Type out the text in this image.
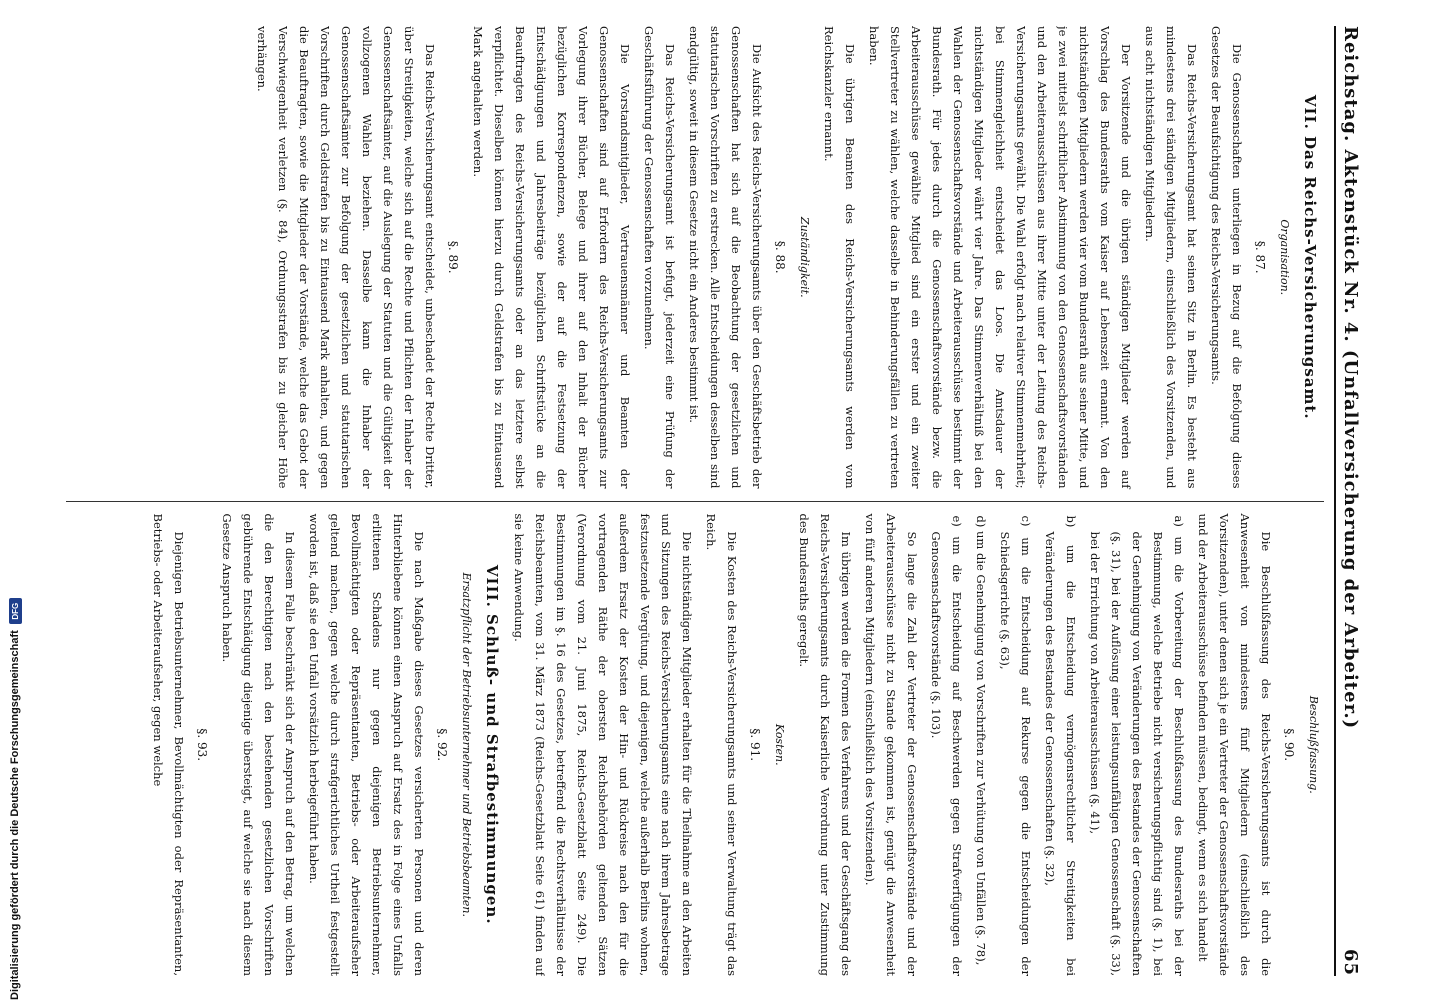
Reichstag. Aktenstück Nr. 4. (Unfallversicherung der Arbeiter.)
65
VII. Das Reichs-Versicherungsamt.
Organisation.
§. 87.

Die Genossenschaften unterliegen in Bezug auf die Befolgung dieses Gesetzes der Beaufsichtigung des Reichs-Versicherungsamts.

Das Reichs-Versicherungsamt hat seinen Sitz in Berlin. Es besteht aus mindestens drei ständigen Mitgliedern, einschließlich des Vorsitzenden, und aus acht nichtständigen Mitgliedern.

Der Vorsitzende und die übrigen ständigen Mitglieder werden auf Vorschlag des Bundesraths vom Kaiser auf Lebenszeit ernannt. Von den nichtständigen Mitgliedern werden vier vom Bundesrath aus seiner Mitte, und je zwei mittelst schriftlicher Abstimmung von den Genossenschaftsvorständen und den Arbeiterausschüssen aus ihrer Mitte unter der Leitung des Reichs-Versicherungsamts gewählt. Die Wahl erfolgt nach relativer Stimmenmehrheit; bei Stimmengleichheit entscheidet das Loos. Die Amtsdauer der nichtständigen Mitglieder währt vier Jahre. Das Stimmenverhältniß bei den Wahlen der Genossenschaftsvorstände und Arbeiterausschüsse bestimmt der Bundesrath. Für jedes durch die Genossenschaftsvorstände bezw. die Arbeiterausschüsse gewählte Mitglied sind ein erster und ein zweiter Stellvertreter zu wählen, welche dasselbe in Behinderungsfällen zu vertreten haben.

Die übrigen Beamten des Reichs-Versicherungsamts werden vom Reichskanzler ernannt.

Zuständigkeit.
§. 88.

Die Aufsicht des Reichs-Versicherungsamts über den Geschäftsbetrieb der Genossenschaften hat sich auf die Beobachtung der gesetzlichen und statutarischen Vorschriften zu erstrecken. Alle Entscheidungen desselben sind endgültig, soweit in diesem Gesetze nicht ein Anderes bestimmt ist.

Das Reichs-Versicherungsamt ist befugt, jederzeit eine Prüfung der Geschäftsführung der Genossenschaften vorzunehmen.

Die Vorstandsmitglieder, Vertrauensmänner und Beamten der Genossenschaften sind auf Erfordern des Reichs-Versicherungsamts zur Vorlegung ihrer Bücher, Belege und ihrer auf den Inhalt der Bücher bezüglichen Korrespondenzen, sowie der auf die Festsetzung der Entschädigungen und Jahresbeiträge bezüglichen Schriftstücke an die Beauftragten des Reichs-Versicherungsamts oder an das letztere selbst verpflichtet. Dieselben können hierzu durch Geldstrafen bis zu Eintausend Mark angehalten werden.

§. 89.

Das Reichs-Versicherungsamt entscheidet, unbeschadet der Rechte Dritter, über Streitigkeiten, welche sich auf die Rechte und Pflichten der Inhaber der Genossenschaftsämter, auf die Auslegung der Statuten und die Gültigkeit der vollzogenen Wahlen beziehen. Dasselbe kann die Inhaber der Genossenschaftsämter zur Befolgung der gesetzlichen und statutarischen Vorschriften durch Geldstrafen bis zu Eintausend Mark anhalten, und gegen die Beauftragten, sowie die Mitglieder der Vorstände, welche das Gebot der Verschwiegenheit verletzen (§. 84), Ordnungsstrafen bis zu gleicher Höhe verhängen.

Beschlußfassung.
§. 90.

Die Beschlußfassung des Reichs-Versicherungsamts ist durch die Anwesenheit von mindestens fünf Mitgliedern (einschließlich des Vorsitzenden), unter denen sich je ein Vertreter der Genossenschaftsvorstände und der Arbeiterausschüsse befinden müssen, bedingt, wenn es sich handelt

a) um die Vorbereitung der Beschlußfassung des Bundesraths bei der Bestimmung, welche Betriebe nicht versicherungspflichtig sind (§. 1), bei der Genehmigung von Veränderungen des Bestandes der Genossenschaften (§. 31), bei der Auflösung einer leistungsunfähigen Genossenschaft (§. 33), bei der Errichtung von Arbeiterausschüssen (§. 41),

b) um die Entscheidung vermögensrechtlicher Streitigkeiten bei Veränderungen des Bestandes der Genossenschaften (§. 32),

c) um die Entscheidung auf Rekurse gegen die Entscheidungen der Schiedsgerichte (§. 63),

d) um die Genehmigung von Vorschriften zur Verhütung von Unfällen (§. 78),

e) um die Entscheidung auf Beschwerden gegen Strafverfügungen der Genossenschaftsvorstände (§. 103).

So lange die Zahl der Vertreter der Genossenschaftsvorstände und der Arbeiterausschüsse nicht zu Stande gekommen ist, genügt die Anwesenheit von fünf anderen Mitgliedern (einschließlich des Vorsitzenden).

Im übrigen werden die Formen des Verfahrens und der Geschäftsgang des Reichs-Versicherungsamts durch Kaiserliche Verordnung unter Zustimmung des Bundesraths geregelt.

Kosten.
§. 91.

Die Kosten des Reichs-Versicherungsamts und seiner Verwaltung trägt das Reich.

Die nichtständigen Mitglieder erhalten für die Theilnahme an den Arbeiten und Sitzungen des Reichs-Versicherungsamts eine nach ihrem Jahresbetrage festzusetzende Vergütung, und diejenigen, welche außerhalb Berlins wohnen, außerdem Ersatz der Kosten der Hin- und Rückreise nach den für die vortragenden Räthe der obersten Reichsbehörden geltenden Sätzen (Verordnung vom 21. Juni 1875, Reichs-Gesetzblatt Seite 249). Die Bestimmungen im §. 16 des Gesetzes, betreffend die Rechtsverhältnisse der Reichsbeamten, vom 31. März 1873 (Reichs-Gesetzblatt Seite 61) finden auf sie keine Anwendung.

VIII. Schluß- und Strafbestimmungen.
Ersatzpflicht der Betriebsunternehmer und Betriebsbeamten.
§. 92.

Die nach Maßgabe dieses Gesetzes versicherten Personen und deren Hinterbliebene können einen Anspruch auf Ersatz des in Folge eines Unfalls erlittenen Schadens nur gegen diejenigen Betriebsunternehmer, Bevollmächtigten oder Repräsentanten, Betriebs- oder Arbeiteraufseher geltend machen, gegen welche durch strafgerichtliches Urtheil festgestellt worden ist, daß sie den Unfall vorsätzlich herbeigeführt haben.

In diesem Falle beschränkt sich der Anspruch auf den Betrag, um welchen die den Berechtigten nach den bestehenden gesetzlichen Vorschriften gebührende Entschädigung diejenige übersteigt, auf welche sie nach diesem Gesetze Anspruch haben.

§. 93.

Diejenigen Betriebsunternehmer, Bevollmächtigten oder Repräsentanten, Betriebs- oder Arbeiteraufseher, gegen welche

Digitalisierung gefördert durch die Deutsche Forschungsgemeinschaft
DFG
